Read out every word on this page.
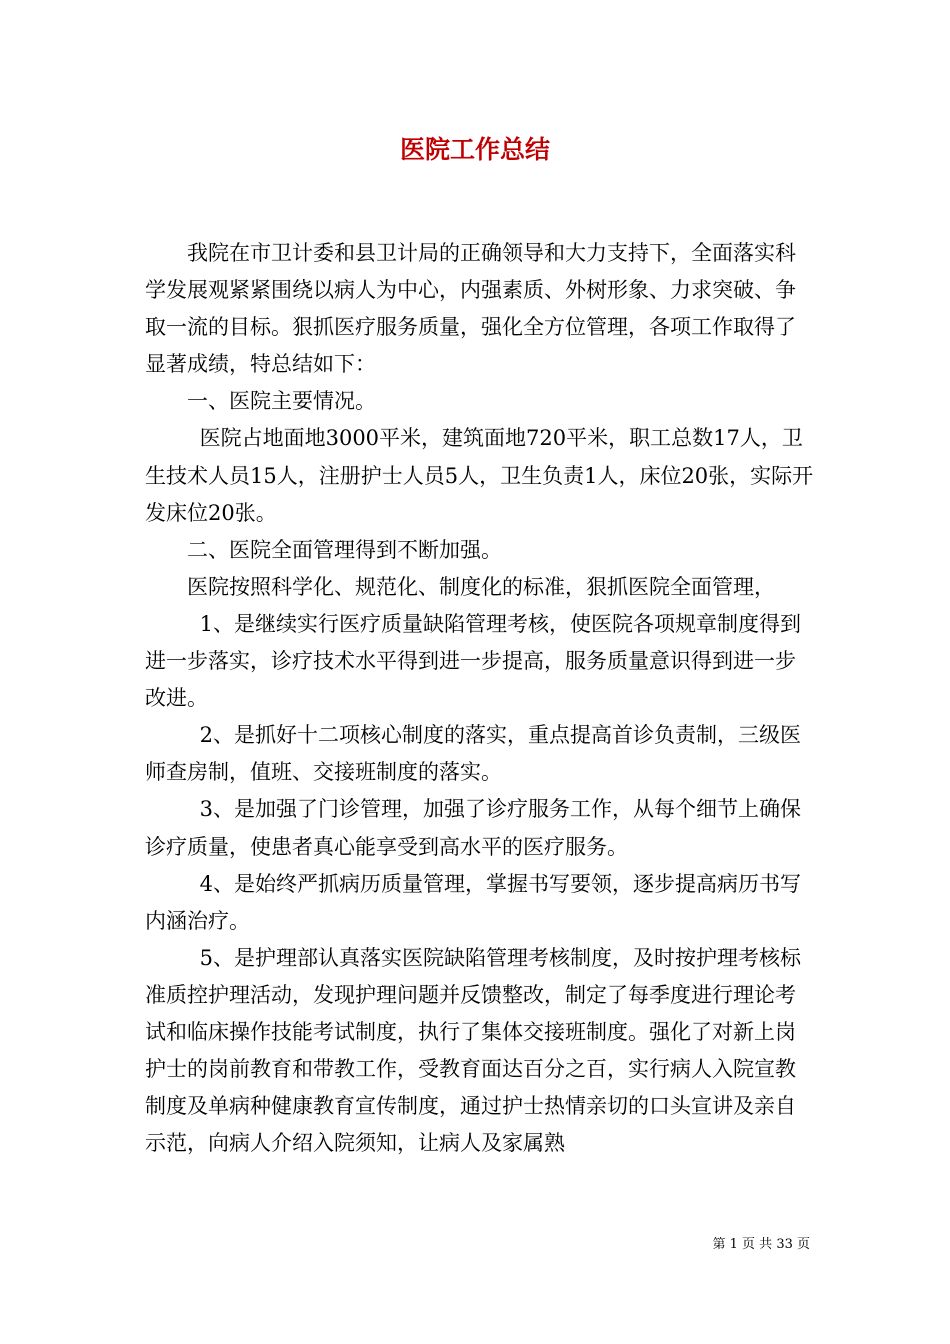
医院工作总结

我院在市卫计委和县卫计局的正确领导和大力支持下，全面落实科学发展观紧紧围绕以病人为中心，内强素质、外树形象、力求突破、争取一流的目标。狠抓医疗服务质量，强化全方位管理，各项工作取得了显著成绩，特总结如下：

一、医院主要情况。

医院占地面地3000平米，建筑面地720平米，职工总数17人，卫生技术人员15人，注册护士人员5人，卫生负责1人，床位20张，实际开发床位20张。

二、医院全面管理得到不断加强。

医院按照科学化、规范化、制度化的标准，狠抓医院全面管理，

1、是继续实行医疗质量缺陷管理考核，使医院各项规章制度得到进一步落实，诊疗技术水平得到进一步提高，服务质量意识得到进一步改进。

2、是抓好十二项核心制度的落实，重点提高首诊负责制，三级医师查房制，值班、交接班制度的落实。

3、是加强了门诊管理，加强了诊疗服务工作，从每个细节上确保诊疗质量，使患者真心能享受到高水平的医疗服务。

4、是始终严抓病历质量管理，掌握书写要领，逐步提高病历书写内涵治疗。

5、是护理部认真落实医院缺陷管理考核制度，及时按护理考核标准质控护理活动，发现护理问题并反馈整改，制定了每季度进行理论考试和临床操作技能考试制度，执行了集体交接班制度。强化了对新上岗护士的岗前教育和带教工作，受教育面达百分之百，实行病人入院宣教制度及单病种健康教育宣传制度，通过护士热情亲切的口头宣讲及亲自示范，向病人介绍入院须知，让病人及家属熟

第 1 页 共 33 页
